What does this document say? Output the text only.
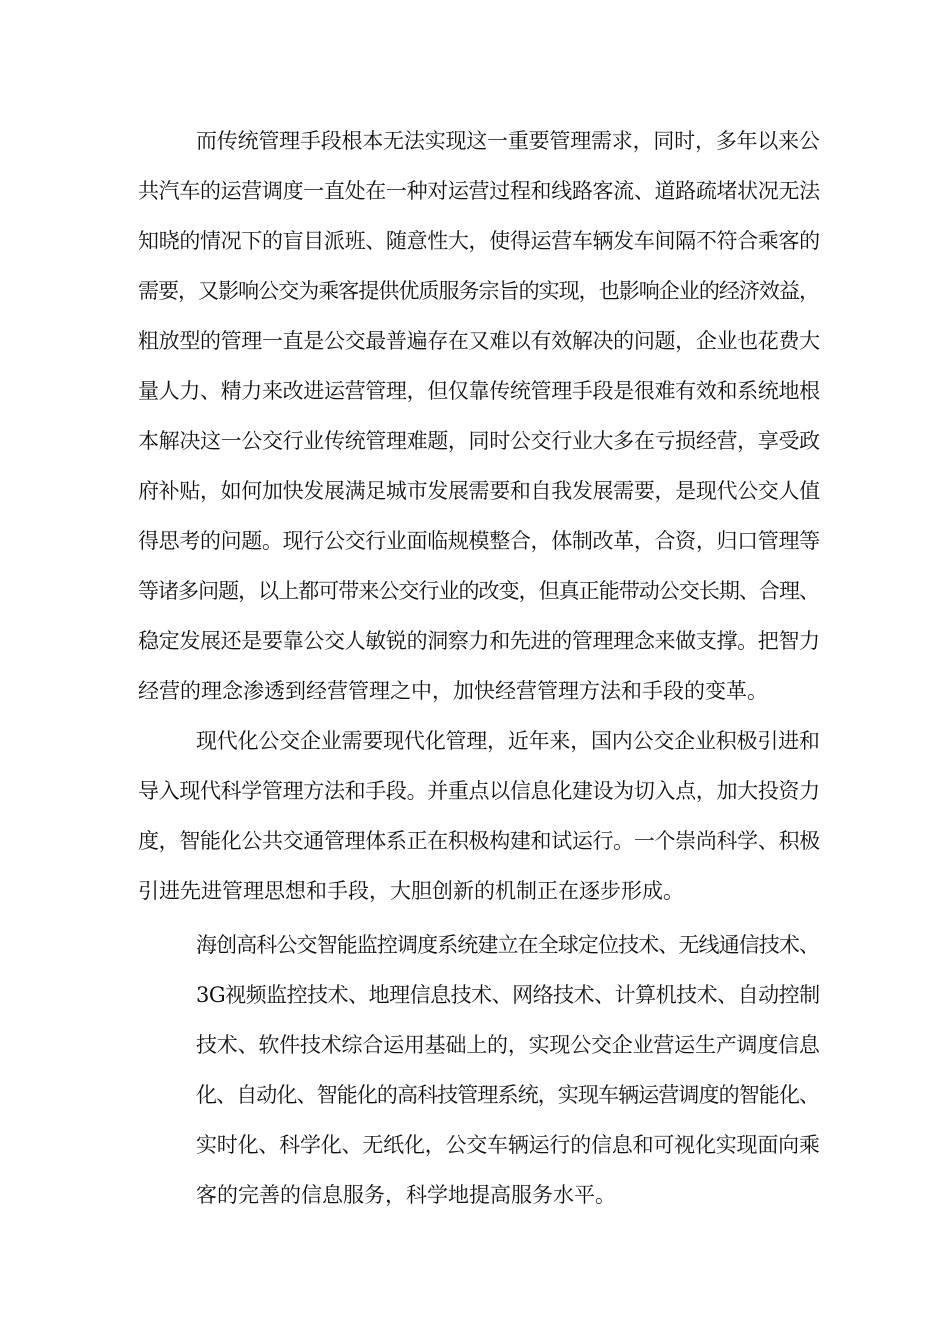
而传统管理手段根本无法实现这一重要管理需求，同时，多年以来公
共汽车的运营调度一直处在一种对运营过程和线路客流、道路疏堵状况无法
知晓的情况下的盲目派班、随意性大，使得运营车辆发车间隔不符合乘客的
需要，又影响公交为乘客提供优质服务宗旨的实现，也影响企业的经济效益，
粗放型的管理一直是公交最普遍存在又难以有效解决的问题，企业也花费大
量人力、精力来改进运营管理，但仅靠传统管理手段是很难有效和系统地根
本解决这一公交行业传统管理难题，同时公交行业大多在亏损经营，享受政
府补贴，如何加快发展满足城市发展需要和自我发展需要，是现代公交人值
得思考的问题。现行公交行业面临规模整合，体制改革，合资，归口管理等
等诸多问题，以上都可带来公交行业的改变，但真正能带动公交长期、合理、
稳定发展还是要靠公交人敏锐的洞察力和先进的管理理念来做支撑。把智力
经营的理念渗透到经营管理之中，加快经营管理方法和手段的变革。
现代化公交企业需要现代化管理，近年来，国内公交企业积极引进和
导入现代科学管理方法和手段。并重点以信息化建设为切入点，加大投资力
度，智能化公共交通管理体系正在积极构建和试运行。一个崇尚科学、积极
引进先进管理思想和手段，大胆创新的机制正在逐步形成。
海创高科公交智能监控调度系统建立在全球定位技术、无线通信技术、
3G视频监控技术、地理信息技术、网络技术、计算机技术、自动控制
技术、软件技术综合运用基础上的，实现公交企业营运生产调度信息
化、自动化、智能化的高科技管理系统，实现车辆运营调度的智能化、
实时化、科学化、无纸化，公交车辆运行的信息和可视化实现面向乘
客的完善的信息服务，科学地提高服务水平。
